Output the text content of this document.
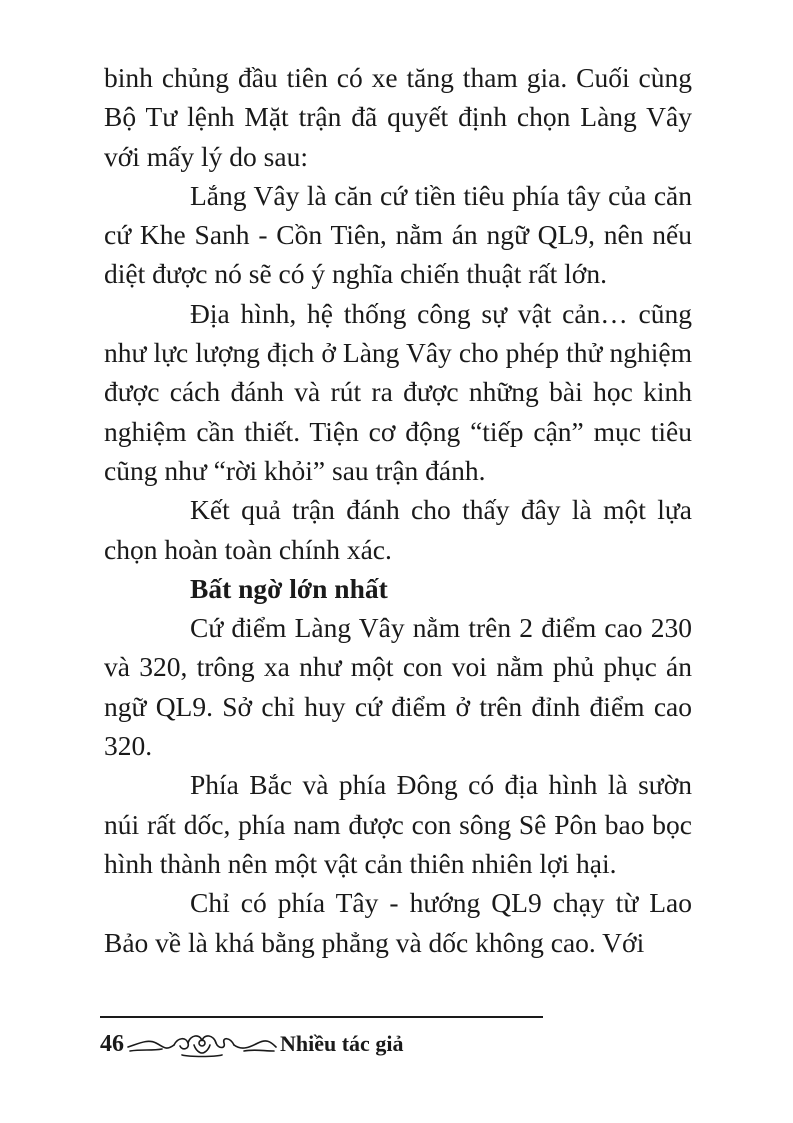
binh chủng đầu tiên có xe tăng tham gia. Cuối cùng Bộ Tư lệnh Mặt trận đã quyết định chọn Làng Vây với mấy lý do sau:

Lắng Vây là căn cứ tiền tiêu phía tây của căn cứ Khe Sanh - Cồn Tiên, nằm án ngữ QL9, nên nếu diệt được nó sẽ có ý nghĩa chiến thuật rất lớn.

Địa hình, hệ thống công sự vật cản… cũng như lực lượng địch ở Làng Vây cho phép thử nghiệm được cách đánh và rút ra được những bài học kinh nghiệm cần thiết. Tiện cơ động “tiếp cận” mục tiêu cũng như “rời khỏi” sau trận đánh.

Kết quả trận đánh cho thấy đây là một lựa chọn hoàn toàn chính xác.

Bất ngờ lớn nhất

Cứ điểm Làng Vây nằm trên 2 điểm cao 230 và 320, trông xa như một con voi nằm phủ phục án ngữ QL9. Sở chỉ huy cứ điểm ở trên đỉnh điểm cao 320.

Phía Bắc và phía Đông có địa hình là sườn núi rất dốc, phía nam được con sông Sê Pôn bao bọc hình thành nên một vật cản thiên nhiên lợi hại.

Chỉ có phía Tây - hướng QL9 chạy từ Lao Bảo về là khá bằng phẳng và dốc không cao. Với

46	Nhiều tác giả
